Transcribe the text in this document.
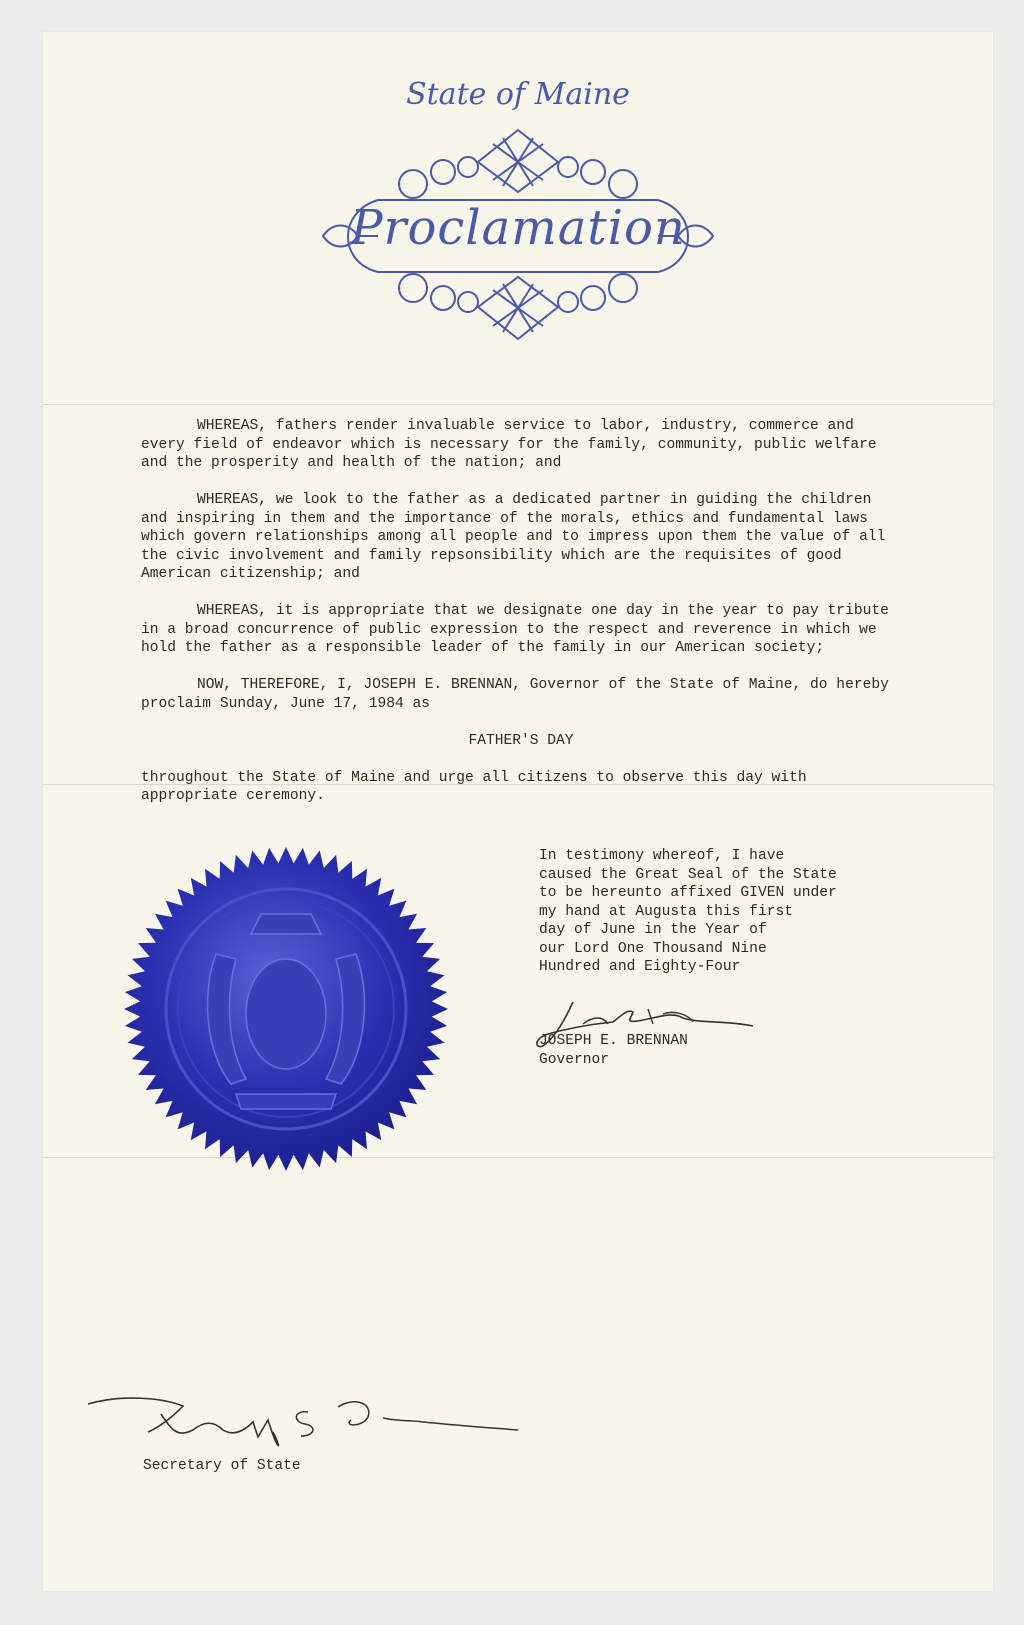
State of Maine
Proclamation

WHEREAS, fathers render invaluable service to labor, industry, commerce and every field of endeavor which is necessary for the family, community, public welfare and the prosperity and health of the nation; and

WHEREAS, we look to the father as a dedicated partner in guiding the children and inspiring in them and the importance of the morals, ethics and fundamental laws which govern relationships among all people and to impress upon them the value of all the civic involvement and family repsonsibility which are the requisites of good American citizenship; and

WHEREAS, it is appropriate that we designate one day in the year to pay tribute in a broad concurrence of public expression to the respect and reverence in which we hold the father as a responsible leader of the family in our American society;

NOW, THEREFORE, I, JOSEPH E. BRENNAN, Governor of the State of Maine, do hereby proclaim Sunday, June 17, 1984 as

FATHER'S DAY

throughout the State of Maine and urge all citizens to observe this day with appropriate ceremony.

In testimony whereof, I have
caused the Great Seal of the State
to be hereunto affixed GIVEN under
my hand at Augusta this first
day of June in the Year of
our Lord One Thousand Nine
Hundred and Eighty-Four
JOSEPH E. BRENNAN
Governor
Secretary of State
